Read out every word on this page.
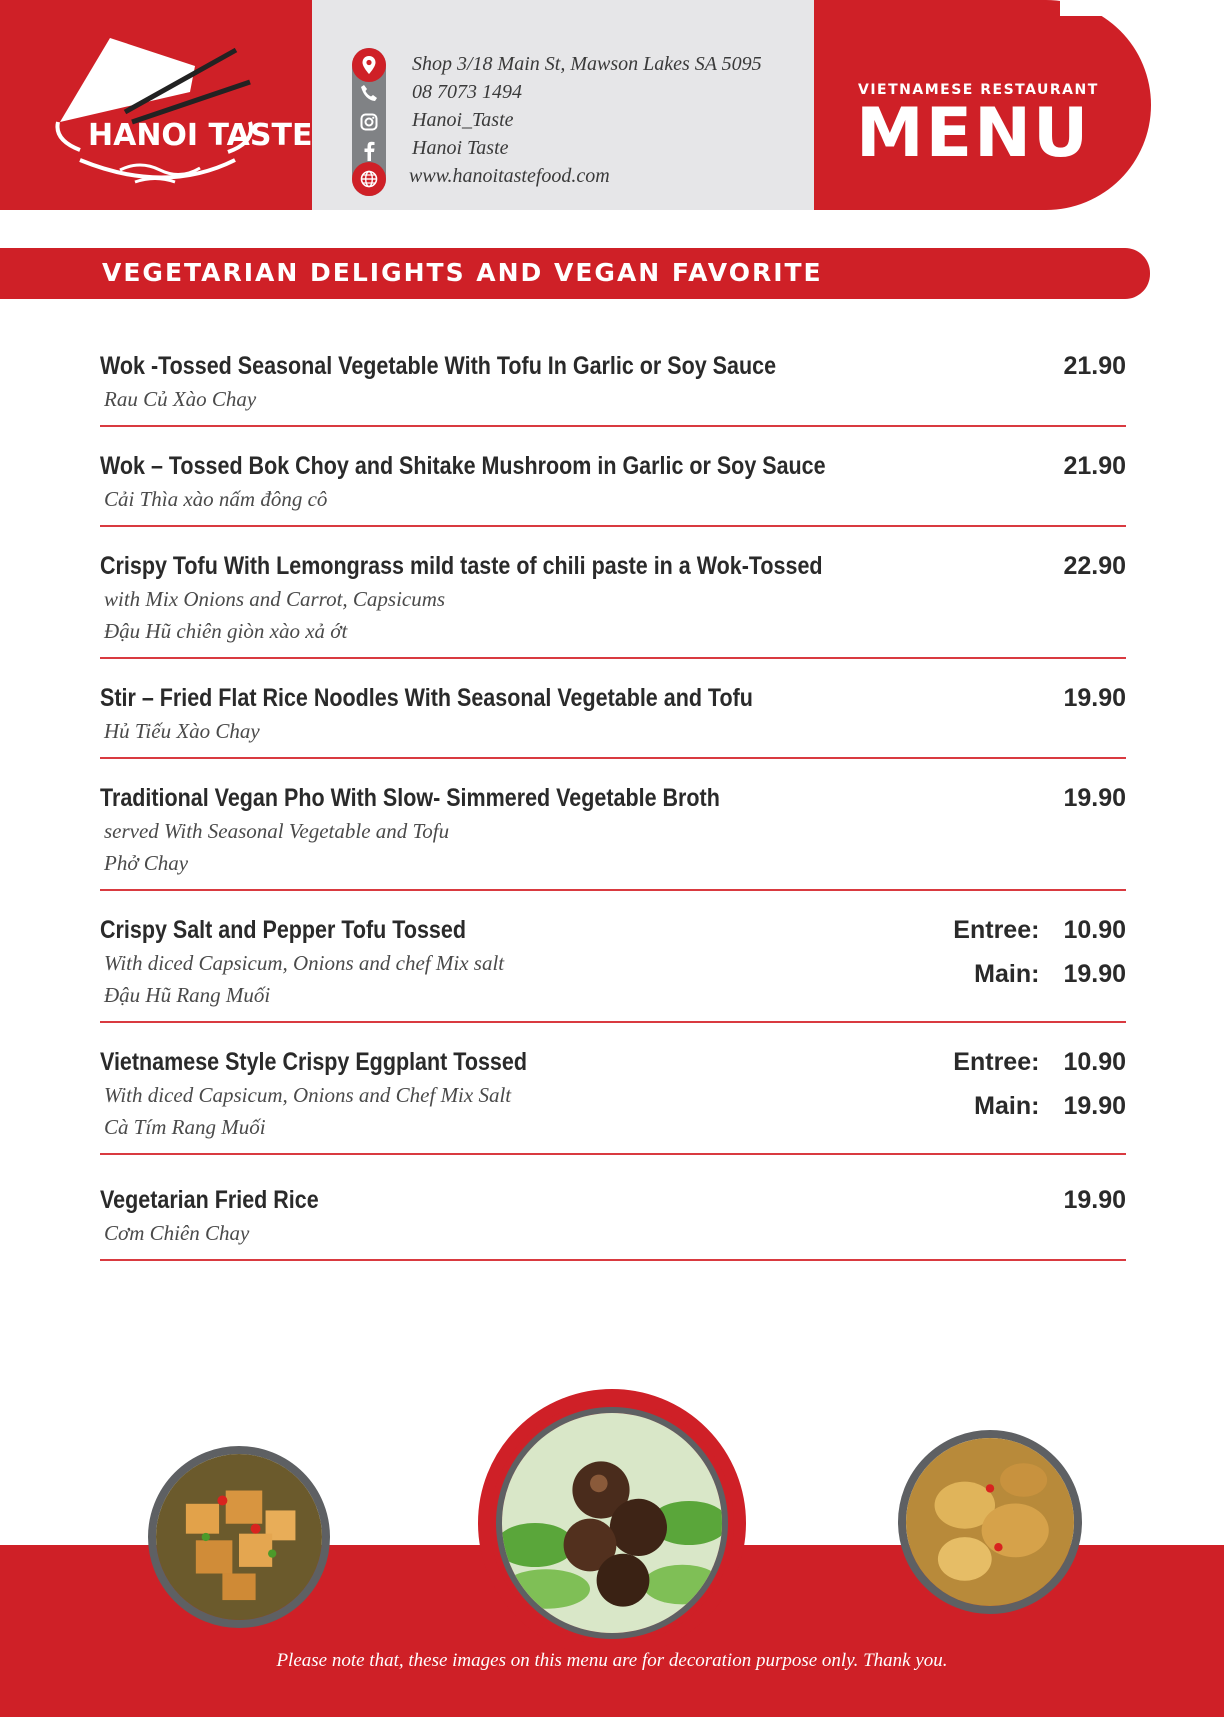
HANOI TASTE
Shop 3/18 Main St, Mawson Lakes SA 5095
08 7073 1494
Hanoi_Taste
Hanoi Taste
www.hanoitastefood.com
VIETNAMESE RESTAURANT
MENU
VEGETARIAN DELIGHTS AND VEGAN FAVORITE
Wok -Tossed Seasonal Vegetable With Tofu In Garlic or Soy Sauce
Rau Củ Xào Chay
21.90
Wok – Tossed Bok Choy and Shitake Mushroom in Garlic or Soy Sauce
Cải Thìa xào nấm đông cô
21.90
Crispy Tofu With Lemongrass mild taste of chili paste in a Wok-Tossed
with Mix Onions and Carrot, Capsicums
Đậu Hũ chiên giòn xào xả ớt
22.90
Stir – Fried Flat Rice Noodles With Seasonal Vegetable and Tofu
Hủ Tiếu Xào Chay
19.90
Traditional Vegan Pho With Slow- Simmered Vegetable Broth
served With Seasonal Vegetable and Tofu
Phở Chay
19.90
Crispy Salt and Pepper Tofu Tossed
With diced Capsicum, Onions and chef Mix salt
Đậu Hũ Rang Muối
Entree: 10.90
Main: 19.90
Vietnamese Style Crispy Eggplant Tossed
With diced Capsicum, Onions and Chef Mix Salt
Cà Tím Rang Muối
Entree: 10.90
Main: 19.90
Vegetarian Fried Rice
Cơm Chiên Chay
19.90
Please note that, these images on this menu are for decoration purpose only. Thank you.
